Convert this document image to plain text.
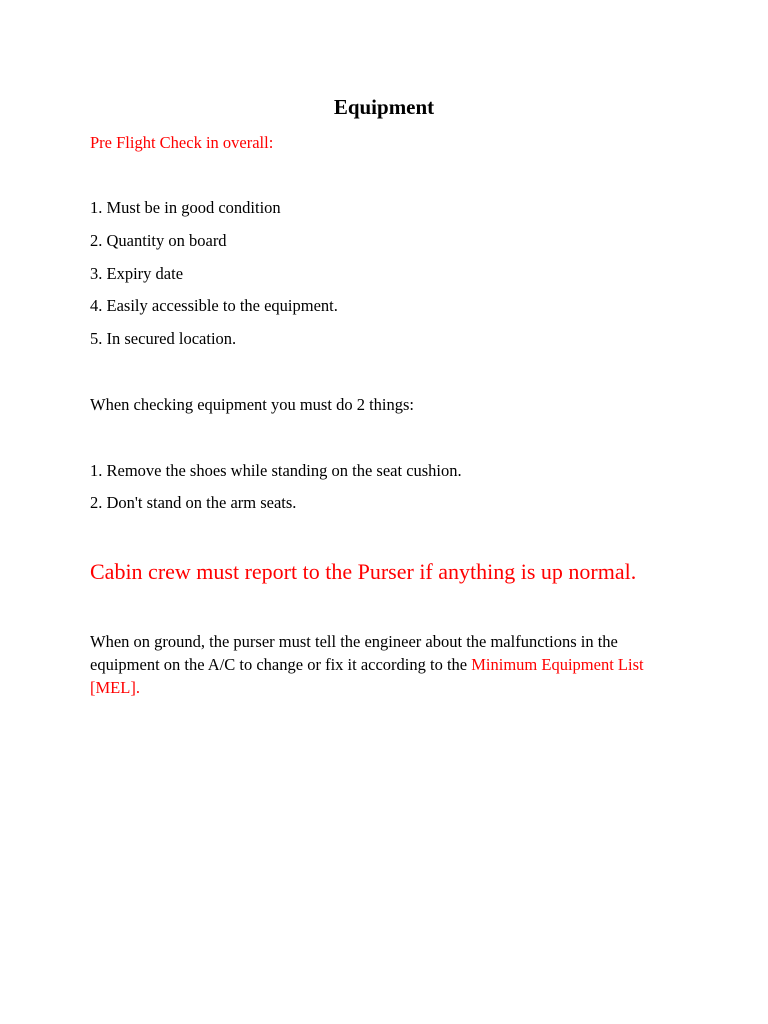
Equipment
Pre Flight Check in overall:
1. Must be in good condition
2. Quantity on board
3. Expiry date
4. Easily accessible to the equipment.
5. In secured location.
When checking equipment you must do 2 things:
1. Remove the shoes while standing on the seat cushion.
2. Don't stand on the arm seats.
Cabin crew must report to the Purser if anything is up normal.
When on ground, the purser must tell the engineer about the malfunctions in the equipment on the A/C to change or fix it according to the Minimum Equipment List [MEL].
